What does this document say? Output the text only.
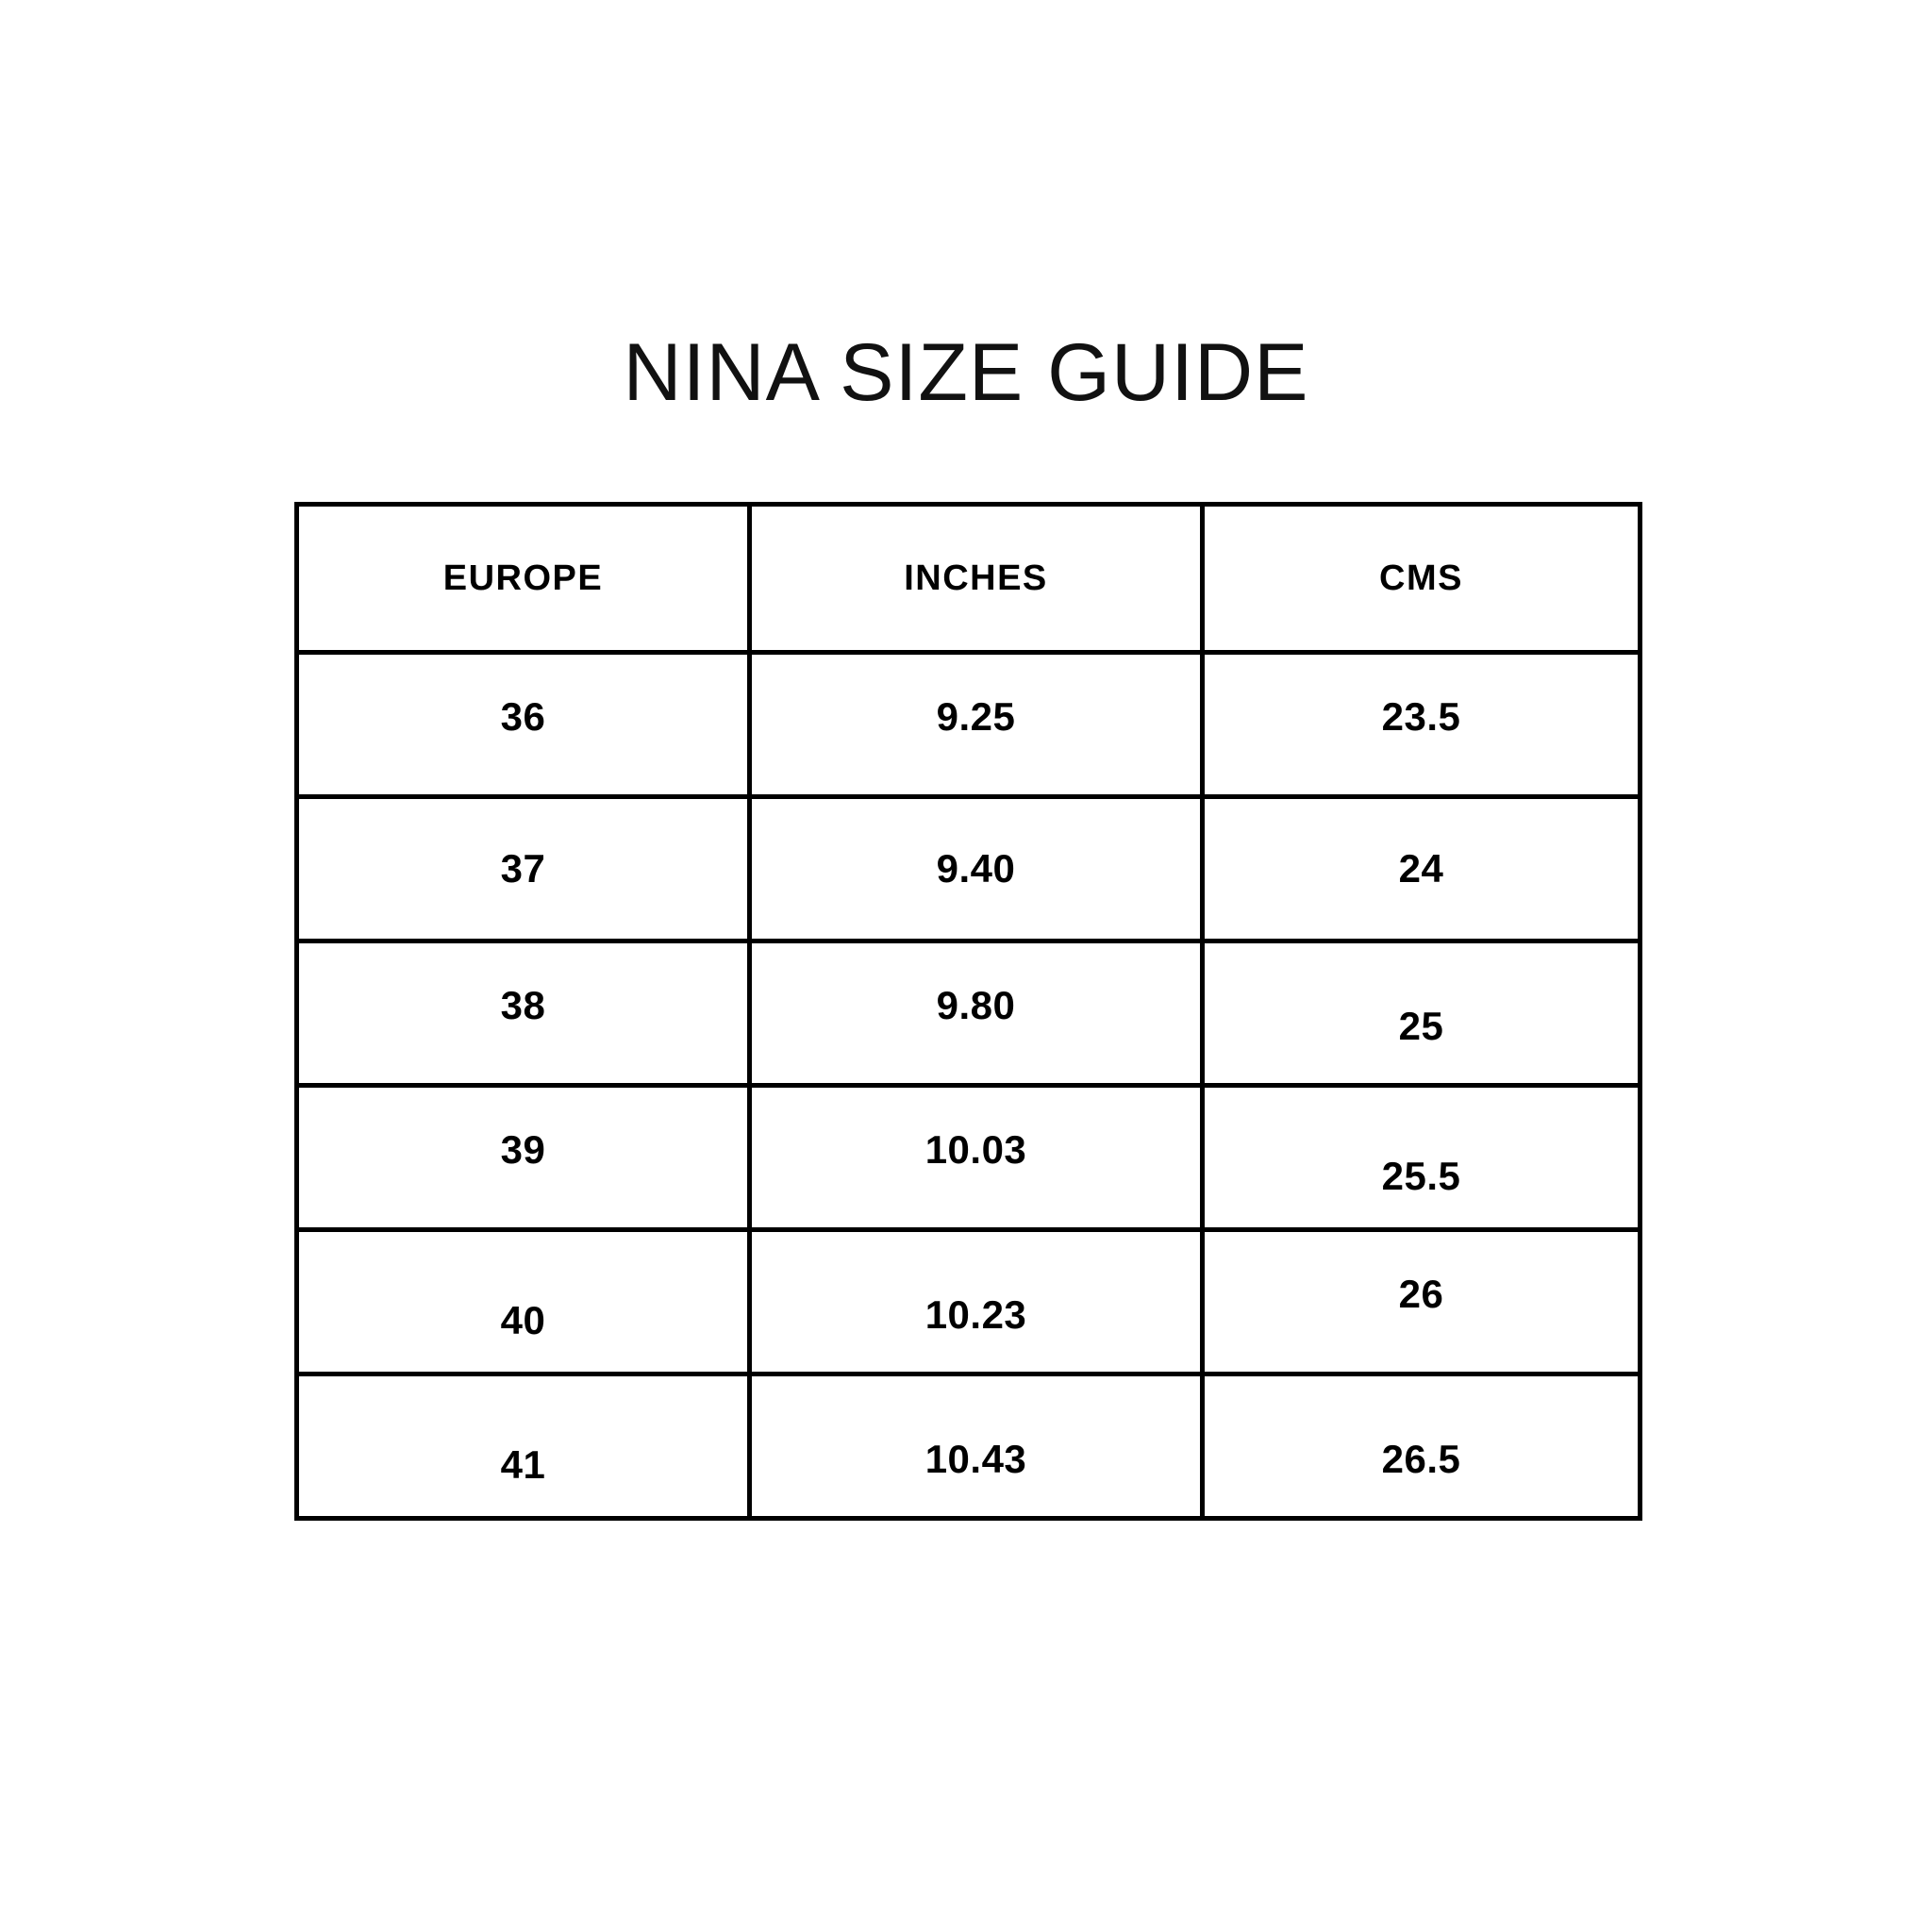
NINA SIZE GUIDE
EUROPE	INCHES	CMS

36	9.25	23.5

37	9.40	24

38	9.80	25

39	10.03	25.5

40	10.23	26

41	10.43	26.5
